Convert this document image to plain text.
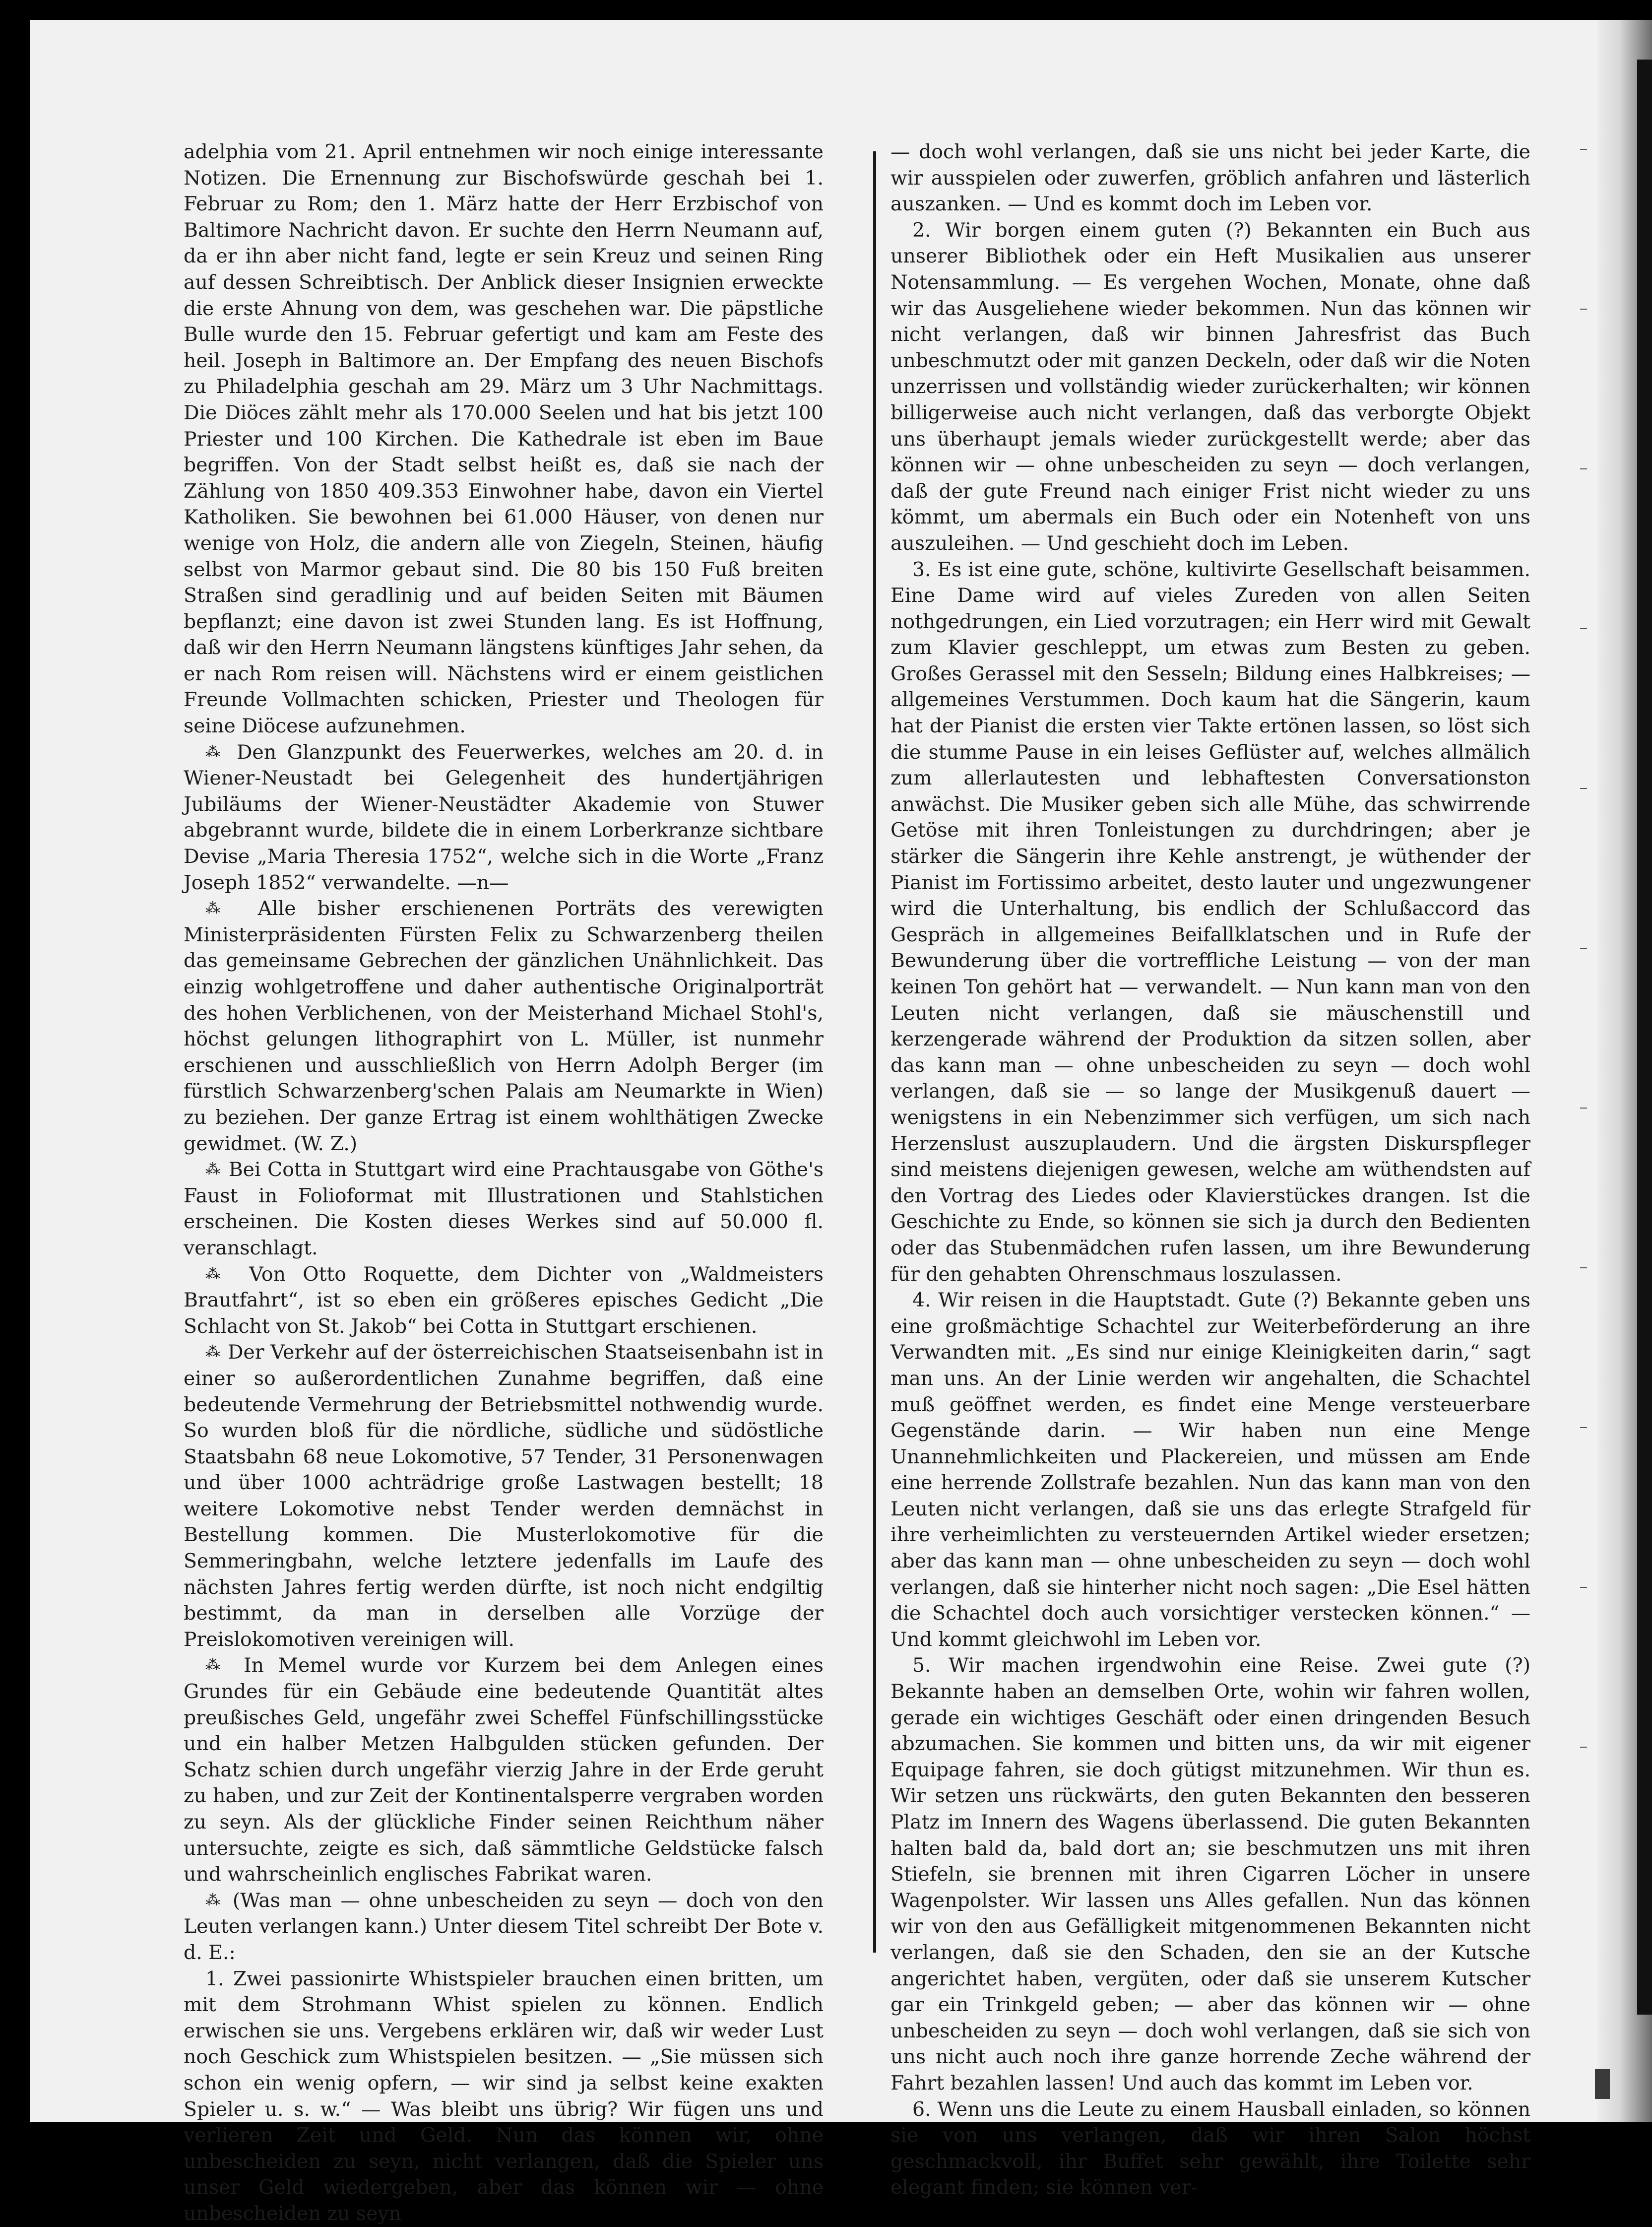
adelphia vom 21. April entnehmen wir noch einige interessante Notizen. Die Ernennung zur Bischofswürde geschah bei 1. Februar zu Rom; den 1. März hatte der Herr Erzbischof von Baltimore Nachricht davon. Er suchte den Herrn Neumann auf, da er ihn aber nicht fand, legte er sein Kreuz und seinen Ring auf dessen Schreibtisch. Der Anblick dieser Insignien erweckte die erste Ahnung von dem, was geschehen war. Die päpstliche Bulle wurde den 15. Februar gefertigt und kam am Feste des heil. Joseph in Baltimore an. Der Empfang des neuen Bischofs zu Philadelphia geschah am 29. März um 3 Uhr Nachmittags. Die Diöces zählt mehr als 170.000 Seelen und hat bis jetzt 100 Priester und 100 Kirchen. Die Kathedrale ist eben im Baue begriffen. Von der Stadt selbst heißt es, daß sie nach der Zählung von 1850 409.353 Einwohner habe, davon ein Viertel Katholiken. Sie bewohnen bei 61.000 Häuser, von denen nur wenige von Holz, die andern alle von Ziegeln, Steinen, häufig selbst von Marmor gebaut sind. Die 80 bis 150 Fuß breiten Straßen sind geradlinig und auf beiden Seiten mit Bäumen bepflanzt; eine davon ist zwei Stunden lang. Es ist Hoffnung, daß wir den Herrn Neumann längstens künftiges Jahr sehen, da er nach Rom reisen will. Nächstens wird er einem geistlichen Freunde Vollmachten schicken, Priester und Theologen für seine Diöcese aufzunehmen.

⁂ Den Glanzpunkt des Feuerwerkes, welches am 20. d. in Wiener-Neustadt bei Gelegenheit des hundertjährigen Jubiläums der Wiener-Neustädter Akademie von Stuwer abgebrannt wurde, bildete die in einem Lorberkranze sichtbare Devise „Maria Theresia 1752“, welche sich in die Worte „Franz Joseph 1852“ verwandelte. —n—

⁂ Alle bisher erschienenen Porträts des verewigten Ministerpräsidenten Fürsten Felix zu Schwarzenberg theilen das gemeinsame Gebrechen der gänzlichen Unähnlichkeit. Das einzig wohlgetroffene und daher authentische Originalporträt des hohen Verblichenen, von der Meisterhand Michael Stohl's, höchst gelungen lithographirt von L. Müller, ist nunmehr erschienen und ausschließlich von Herrn Adolph Berger (im fürstlich Schwarzenberg'schen Palais am Neumarkte in Wien) zu beziehen. Der ganze Ertrag ist einem wohlthätigen Zwecke gewidmet. (W. Z.)

⁂ Bei Cotta in Stuttgart wird eine Prachtausgabe von Göthe's Faust in Folioformat mit Illustrationen und Stahlstichen erscheinen. Die Kosten dieses Werkes sind auf 50.000 fl. veranschlagt.

⁂ Von Otto Roquette, dem Dichter von „Waldmeisters Brautfahrt“, ist so eben ein größeres episches Gedicht „Die Schlacht von St. Jakob“ bei Cotta in Stuttgart erschienen.

⁂ Der Verkehr auf der österreichischen Staatseisenbahn ist in einer so außerordentlichen Zunahme begriffen, daß eine bedeutende Vermehrung der Betriebsmittel nothwendig wurde. So wurden bloß für die nördliche, südliche und südöstliche Staatsbahn 68 neue Lokomotive, 57 Tender, 31 Personenwagen und über 1000 achträdrige große Lastwagen bestellt; 18 weitere Lokomotive nebst Tender werden demnächst in Bestellung kommen. Die Musterlokomotive für die Semmeringbahn, welche letztere jedenfalls im Laufe des nächsten Jahres fertig werden dürfte, ist noch nicht endgiltig bestimmt, da man in derselben alle Vorzüge der Preislokomotiven vereinigen will.

⁂ In Memel wurde vor Kurzem bei dem Anlegen eines Grundes für ein Gebäude eine bedeutende Quantität altes preußisches Geld, ungefähr zwei Scheffel Fünfschillingsstücke und ein halber Metzen Halbgulden stücken gefunden. Der Schatz schien durch ungefähr vierzig Jahre in der Erde geruht zu haben, und zur Zeit der Kontinentalsperre vergraben worden zu seyn. Als der glückliche Finder seinen Reichthum näher untersuchte, zeigte es sich, daß sämmtliche Geldstücke falsch und wahrscheinlich englisches Fabrikat waren.

⁂ (Was man — ohne unbescheiden zu seyn — doch von den Leuten verlangen kann.) Unter diesem Titel schreibt Der Bote v. d. E.:

1. Zwei passionirte Whistspieler brauchen einen britten, um mit dem Strohmann Whist spielen zu können. Endlich erwischen sie uns. Vergebens erklären wir, daß wir weder Lust noch Geschick zum Whistspielen besitzen. — „Sie müssen sich schon ein wenig opfern, — wir sind ja selbst keine exakten Spieler u. s. w.“ — Was bleibt uns übrig? Wir fügen uns und verlieren Zeit und Geld. Nun das können wir, ohne unbescheiden zu seyn, nicht verlangen, daß die Spieler uns unser Geld wiedergeben, aber das können wir — ohne unbescheiden zu seyn

— doch wohl verlangen, daß sie uns nicht bei jeder Karte, die wir ausspielen oder zuwerfen, gröblich anfahren und lästerlich auszanken. — Und es kommt doch im Leben vor.

2. Wir borgen einem guten (?) Bekannten ein Buch aus unserer Bibliothek oder ein Heft Musikalien aus unserer Notensammlung. — Es vergehen Wochen, Monate, ohne daß wir das Ausgeliehene wieder bekommen. Nun das können wir nicht verlangen, daß wir binnen Jahresfrist das Buch unbeschmutzt oder mit ganzen Deckeln, oder daß wir die Noten unzerrissen und vollständig wieder zurückerhalten; wir können billigerweise auch nicht verlangen, daß das verborgte Objekt uns überhaupt jemals wieder zurückgestellt werde; aber das können wir — ohne unbescheiden zu seyn — doch verlangen, daß der gute Freund nach einiger Frist nicht wieder zu uns kömmt, um abermals ein Buch oder ein Notenheft von uns auszuleihen. — Und geschieht doch im Leben.

3. Es ist eine gute, schöne, kultivirte Gesellschaft beisammen. Eine Dame wird auf vieles Zureden von allen Seiten nothgedrungen, ein Lied vorzutragen; ein Herr wird mit Gewalt zum Klavier geschleppt, um etwas zum Besten zu geben. Großes Gerassel mit den Sesseln; Bildung eines Halbkreises; — allgemeines Verstummen. Doch kaum hat die Sängerin, kaum hat der Pianist die ersten vier Takte ertönen lassen, so löst sich die stumme Pause in ein leises Geflüster auf, welches allmälich zum allerlautesten und lebhaftesten Conversationston anwächst. Die Musiker geben sich alle Mühe, das schwirrende Getöse mit ihren Tonleistungen zu durchdringen; aber je stärker die Sängerin ihre Kehle anstrengt, je wüthender der Pianist im Fortissimo arbeitet, desto lauter und ungezwungener wird die Unterhaltung, bis endlich der Schlußaccord das Gespräch in allgemeines Beifallklatschen und in Rufe der Bewunderung über die vortreffliche Leistung — von der man keinen Ton gehört hat — verwandelt. — Nun kann man von den Leuten nicht verlangen, daß sie mäuschenstill und kerzengerade während der Produktion da sitzen sollen, aber das kann man — ohne unbescheiden zu seyn — doch wohl verlangen, daß sie — so lange der Musikgenuß dauert — wenigstens in ein Nebenzimmer sich verfügen, um sich nach Herzenslust auszuplaudern. Und die ärgsten Diskurspfleger sind meistens diejenigen gewesen, welche am wüthendsten auf den Vortrag des Liedes oder Klavierstückes drangen. Ist die Geschichte zu Ende, so können sie sich ja durch den Bedienten oder das Stubenmädchen rufen lassen, um ihre Bewunderung für den gehabten Ohrenschmaus loszulassen.

4. Wir reisen in die Hauptstadt. Gute (?) Bekannte geben uns eine großmächtige Schachtel zur Weiterbeförderung an ihre Verwandten mit. „Es sind nur einige Kleinigkeiten darin,“ sagt man uns. An der Linie werden wir angehalten, die Schachtel muß geöffnet werden, es findet eine Menge versteuerbare Gegenstände darin. — Wir haben nun eine Menge Unannehmlichkeiten und Plackereien, und müssen am Ende eine herrende Zollstrafe bezahlen. Nun das kann man von den Leuten nicht verlangen, daß sie uns das erlegte Strafgeld für ihre verheimlichten zu versteuernden Artikel wieder ersetzen; aber das kann man — ohne unbescheiden zu seyn — doch wohl verlangen, daß sie hinterher nicht noch sagen: „Die Esel hätten die Schachtel doch auch vorsichtiger verstecken können.“ — Und kommt gleichwohl im Leben vor.

5. Wir machen irgendwohin eine Reise. Zwei gute (?) Bekannte haben an demselben Orte, wohin wir fahren wollen, gerade ein wichtiges Geschäft oder einen dringenden Besuch abzumachen. Sie kommen und bitten uns, da wir mit eigener Equipage fahren, sie doch gütigst mitzunehmen. Wir thun es. Wir setzen uns rückwärts, den guten Bekannten den besseren Platz im Innern des Wagens überlassend. Die guten Bekannten halten bald da, bald dort an; sie beschmutzen uns mit ihren Stiefeln, sie brennen mit ihren Cigarren Löcher in unsere Wagenpolster. Wir lassen uns Alles gefallen. Nun das können wir von den aus Gefälligkeit mitgenommenen Bekannten nicht verlangen, daß sie den Schaden, den sie an der Kutsche angerichtet haben, vergüten, oder daß sie unserem Kutscher gar ein Trinkgeld geben; — aber das können wir — ohne unbescheiden zu seyn — doch wohl verlangen, daß sie sich von uns nicht auch noch ihre ganze horrende Zeche während der Fahrt bezahlen lassen! Und auch das kommt im Leben vor.

6. Wenn uns die Leute zu einem Hausball einladen, so können sie von uns verlangen, daß wir ihren Salon höchst geschmackvoll, ihr Buffet sehr gewählt, ihre Toilette sehr elegant finden; sie können ver-
